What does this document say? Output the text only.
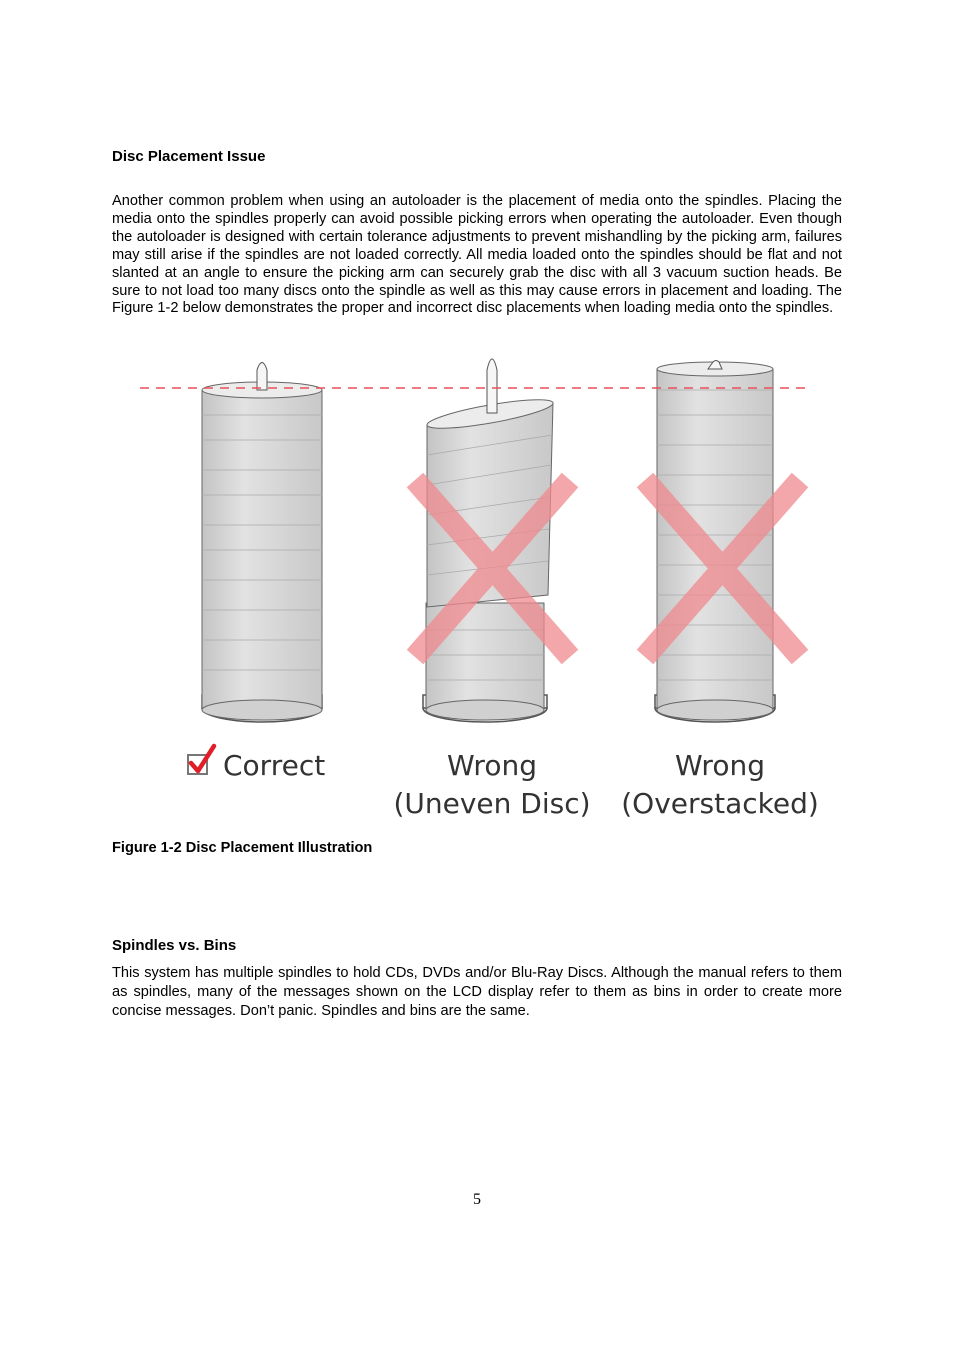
Disc Placement Issue

Another common problem when using an autoloader is the placement of media onto the spindles. Placing the media onto the spindles properly can avoid possible picking errors when operating the autoloader. Even though the autoloader is designed with certain tolerance adjustments to prevent mishandling by the picking arm, failures may still arise if the spindles are not loaded correctly. All media loaded onto the spindles should be flat and not slanted at an angle to ensure the picking arm can securely grab the disc with all 3 vacuum suction heads. Be sure to not load too many discs onto the spindle as well as this may cause errors in placement and loading. The Figure 1-2 below demonstrates the proper and incorrect disc placements when loading media onto the spindles.

Correct	Wrong
(Uneven Disc)
Wrong
(Overstacked)

Figure 1-2 Disc Placement Illustration

Spindles vs. Bins

This system has multiple spindles to hold CDs, DVDs and/or Blu-Ray Discs. Although the manual refers to them as spindles, many of the messages shown on the LCD display refer to them as bins in order to create more concise messages. Don’t panic. Spindles and bins are the same.

5
